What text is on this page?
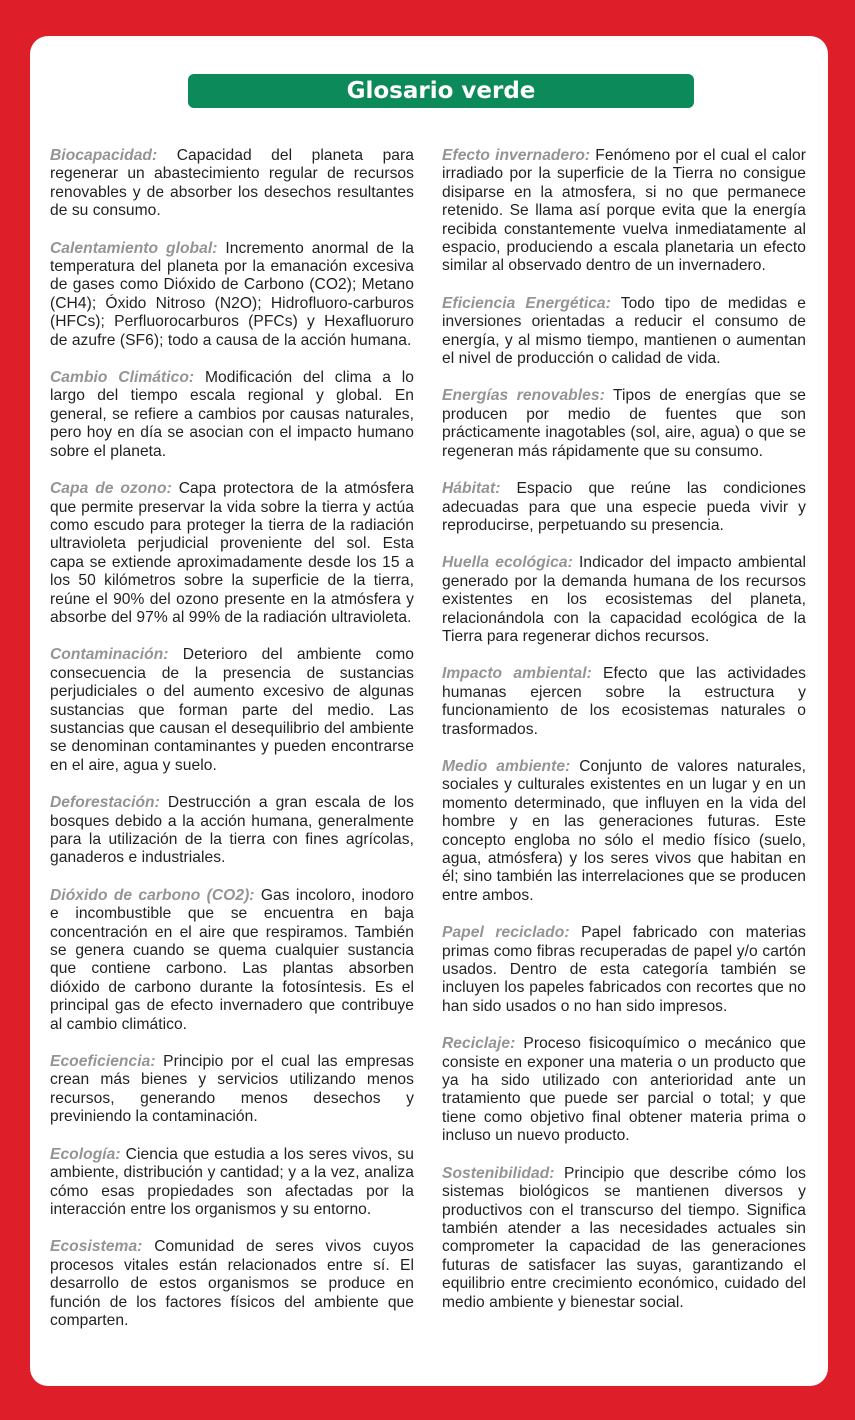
Glosario verde

Biocapacidad: Capacidad del planeta para regenerar un abastecimiento regular de recursos renovables y de absorber los desechos resultantes de su consumo.

Calentamiento global: Incremento anormal de la temperatura del planeta por la emanación excesiva de gases como Dióxido de Carbono (CO2); Metano (CH4); Óxido Nitroso (N2O); Hidrofluoro-carburos (HFCs); Perfluorocarburos (PFCs) y Hexafluoruro de azufre (SF6); todo a causa de la acción humana.

Cambio Climático: Modificación del clima a lo largo del tiempo escala regional y global. En general, se refiere a cambios por causas naturales, pero hoy en día se asocian con el impacto humano sobre el planeta.

Capa de ozono: Capa protectora de la atmósfera que permite preservar la vida sobre la tierra y actúa como escudo para proteger la tierra de la radiación ultravioleta perjudicial proveniente del sol. Esta capa se extiende aproximadamente desde los 15 a los 50 kilómetros sobre la superficie de la tierra, reúne el 90% del ozono presente en la atmósfera y absorbe del 97% al 99% de la radiación ultravioleta.

Contaminación: Deterioro del ambiente como consecuencia de la presencia de sustancias perjudiciales o del aumento excesivo de algunas sustancias que forman parte del medio. Las sustancias que causan el desequilibrio del ambiente se denominan contaminantes y pueden encontrarse en el aire, agua y suelo.

Deforestación: Destrucción a gran escala de los bosques debido a la acción humana, generalmente para la utilización de la tierra con fines agrícolas, ganaderos e industriales.

Dióxido de carbono (CO2): Gas incoloro, inodoro e incombustible que se encuentra en baja concentración en el aire que respiramos. También se genera cuando se quema cualquier sustancia que contiene carbono. Las plantas absorben dióxido de carbono durante la fotosíntesis. Es el principal gas de efecto invernadero que contribuye al cambio climático.

Ecoeficiencia: Principio por el cual las empresas crean más bienes y servicios utilizando menos recursos, generando menos desechos y previniendo la contaminación.

Ecología: Ciencia que estudia a los seres vivos, su ambiente, distribución y cantidad; y a la vez, analiza cómo esas propiedades son afectadas por la interacción entre los organismos y su entorno.

Ecosistema: Comunidad de seres vivos cuyos procesos vitales están relacionados entre sí. El desarrollo de estos organismos se produce en función de los factores físicos del ambiente que comparten.

Efecto invernadero: Fenómeno por el cual el calor irradiado por la superficie de la Tierra no consigue disiparse en la atmosfera, si no que permanece retenido. Se llama así porque evita que la energía recibida constantemente vuelva inmediatamente al espacio, produciendo a escala planetaria un efecto similar al observado dentro de un invernadero.

Eficiencia Energética: Todo tipo de medidas e inversiones orientadas a reducir el consumo de energía, y al mismo tiempo, mantienen o aumentan el nivel de producción o calidad de vida.

Energías renovables: Tipos de energías que se producen por medio de fuentes que son prácticamente inagotables (sol, aire, agua) o que se regeneran más rápidamente que su consumo.

Hábitat: Espacio que reúne las condiciones adecuadas para que una especie pueda vivir y reproducirse, perpetuando su presencia.

Huella ecológica: Indicador del impacto ambiental generado por la demanda humana de los recursos existentes en los ecosistemas del planeta, relacionándola con la capacidad ecológica de la Tierra para regenerar dichos recursos.

Impacto ambiental: Efecto que las actividades humanas ejercen sobre la estructura y funcionamiento de los ecosistemas naturales o trasformados.

Medio ambiente: Conjunto de valores naturales, sociales y culturales existentes en un lugar y en un momento determinado, que influyen en la vida del hombre y en las generaciones futuras. Este concepto engloba no sólo el medio físico (suelo, agua, atmósfera) y los seres vivos que habitan en él; sino también las interrelaciones que se producen entre ambos.

Papel reciclado: Papel fabricado con materias primas como fibras recuperadas de papel y/o cartón usados. Dentro de esta categoría también se incluyen los papeles fabricados con recortes que no han sido usados o no han sido impresos.

Reciclaje: Proceso fisicoquímico o mecánico que consiste en exponer una materia o un producto que ya ha sido utilizado con anterioridad ante un tratamiento que puede ser parcial o total; y que tiene como objetivo final obtener materia prima o incluso un nuevo producto.

Sostenibilidad: Principio que describe cómo los sistemas biológicos se mantienen diversos y productivos con el transcurso del tiempo. Significa también atender a las necesidades actuales sin comprometer la capacidad de las generaciones futuras de satisfacer las suyas, garantizando el equilibrio entre crecimiento económico, cuidado del medio ambiente y bienestar social.
